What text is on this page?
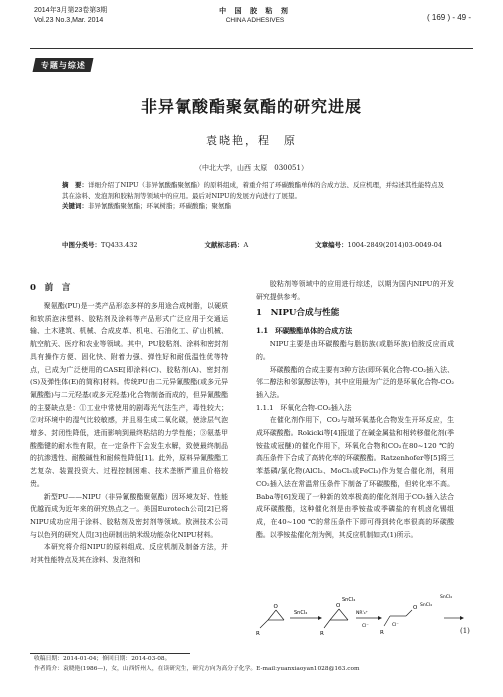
2014年3月第23卷第3期
Vol.23 No.3,Mar. 2014
中 国 胶 粘 剂
CHINA ADHESIVES	( 169 ) - 49 -
专题与综述
非异氰酸酯聚氨酯的研究进展
袁晓艳，程　原
（中北大学，山西 太原　030051）
摘　要：详细介绍了NIPU（非异氰酸酯聚氨酯）的原料组成，着重介绍了环碳酸酯单体的合成方法、反应机理，并综述其性能特点及其在涂料、发泡剂和胶粘剂等领域中的应用。最后对NIPU的发展方向进行了展望。
关键词：非异氰酸酯聚氨酯；环氧树脂；环碳酸酯；聚氨酯
中图分类号：TQ433.432	文献标志码：A	文章编号：1004-2849(2014)03-0049-04

0　前　言

聚氨酯(PU)是一类产品形态多样的多用途合成树脂，以硬质和软质泡沫塑料、胶粘剂及涂料等产品形式广泛应用于交通运输、土木建筑、机械、合成皮革、机电、石油化工、矿山机械、航空航天、医疗和农业等领域。其中，PU胶粘剂、涂料和密封剂具有操作方便、固化快、附着力强、弹性好和耐低温性优等特点，已成为广泛使用的CASE[即涂料(C)、胶粘剂(A)、密封剂(S)及弹性体(E)的简称]材料。传统PU由二元异氰酸酯(或多元异氰酸酯)与二元羟基(或多元羟基)化合物制备而成的，但异氰酸酯的主要缺点是：①工业中常使用的剧毒光气法生产，毒性较大；②对环境中的湿气比较敏感，并且易生成二氧化碳，使涂层气泡增多、封闭性降低，进而影响到最终粘结的力学性能；③氨基甲酸酯键的耐水性有限，在一定条件下会发生水解，致使最终制品的抗渗透性、耐酸碱性和耐候性降低[1]。此外，原料异氰酸酯工艺复杂、装置投资大、过程控制困难、技术垄断严重且价格较贵。

新型PU——NIPU（非异氰酸酯聚氨酯）因环境友好、性能优越而成为近年来的研究热点之一。美国Eurotech公司[2]已将NIPU成功应用于涂料、胶粘剂及密封剂等领域。欧洲技术公司与以色列的研究人员[3]也研制出纳米级功能杂化NIPU材料。

本研究将介绍NIPU的原料组成、反应机制及制备方法，并对其性能特点及其在涂料、发泡剂和

胶粘剂等领域中的应用进行综述，以期为国内NIPU的开发研究提供参考。

1　NIPU合成与性能

1.1　环碳酸酯单体的合成方法

NIPU主要是由环碳酸酯与脂肪族(或脂环族)伯胺反应而成的。

环碳酸酯的合成主要有3种方法(即环氧化合物-CO₂插入法、邻二醇法和邻氯醇法等)，其中应用最为广泛的是环氧化合物-CO₂插入法。

1.1.1　环氧化合物-CO₂插入法

在催化剂作用下，CO₂与端环氧基化合物发生开环反应，生成环碳酸酯。Rokicki等[4]报道了在碱金属盐和相转移催化剂(季铵盐或冠醚)的催化作用下，环氧化合物和CO₂在80~120 ℃的高压条件下合成了高转化率的环碳酸酯。Ratzenhofer等[5]将三苯基磷/氯化物(AlCl₃、MoCl₃或FeCl₃)作为复合催化剂，利用CO₂插入法在常温常压条件下制备了环碳酸酯，但转化率不高。Baba等[6]发现了一种新的效率极高的催化剂用于CO₂插入法合成环碳酸酯，这种催化剂是由季铵盐或季磷盐的有机卤化锡组成，在40~100 ℃的常压条件下即可得到转化率很高的环碳酸酯。以季铵盐催化剂为例，其反应机制如式(1)所示。

R
O
SnCl₄
R
O
SnCl₄
NR'₄⁺
Cl⁻
R
O SnCl₄
Cl⁻
SnCl₄
(1)
收稿日期：2014-01-04；修回日期：2014-03-08。
作者简介：袁晓艳(1986—)，女，山西忻州人，在读研究生，研究方向为高分子化学。E-mail:yuanxiaoyan1028@163.com
